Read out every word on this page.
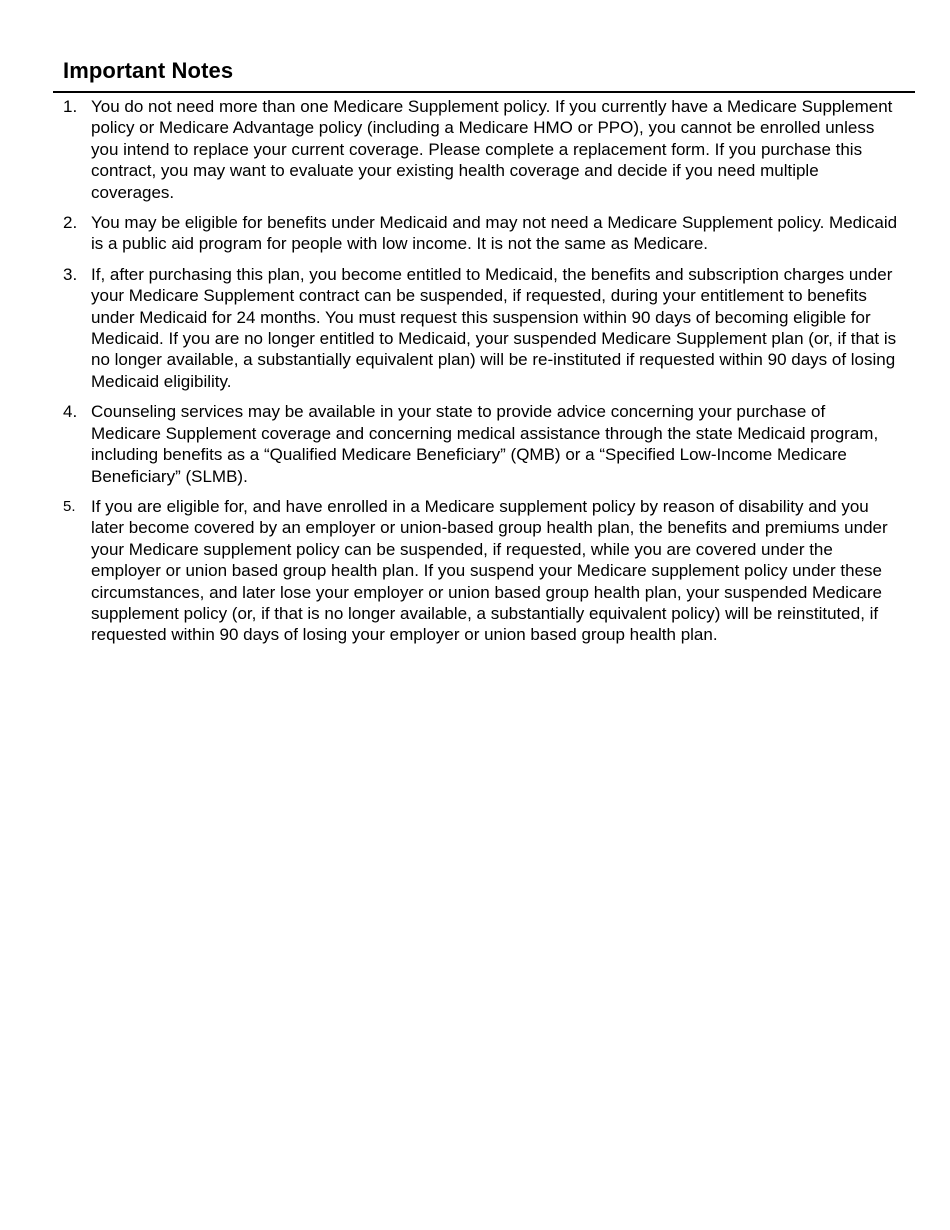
Important Notes
1. You do not need more than one Medicare Supplement policy. If you currently have a Medicare Supplement policy or Medicare Advantage policy (including a Medicare HMO or PPO), you cannot be enrolled unless you intend to replace your current coverage. Please complete a replacement form. If you purchase this contract, you may want to evaluate your existing health coverage and decide if you need multiple coverages.
2. You may be eligible for benefits under Medicaid and may not need a Medicare Supplement policy. Medicaid is a public aid program for people with low income. It is not the same as Medicare.
3. If, after purchasing this plan, you become entitled to Medicaid, the benefits and subscription charges under your Medicare Supplement contract can be suspended, if requested, during your entitlement to benefits under Medicaid for 24 months. You must request this suspension within 90 days of becoming eligible for Medicaid. If you are no longer entitled to Medicaid, your suspended Medicare Supplement plan (or, if that is no longer available, a substantially equivalent plan) will be re-instituted if requested within 90 days of losing Medicaid eligibility.
4. Counseling services may be available in your state to provide advice concerning your purchase of Medicare Supplement coverage and concerning medical assistance through the state Medicaid program, including benefits as a “Qualified Medicare Beneficiary” (QMB) or a “Specified Low-Income Medicare Beneficiary” (SLMB).
5. If you are eligible for, and have enrolled in a Medicare supplement policy by reason of disability and you later become covered by an employer or union-based group health plan, the benefits and premiums under your Medicare supplement policy can be suspended, if requested, while you are covered under the employer or union based group health plan. If you suspend your Medicare supplement policy under these circumstances, and later lose your employer or union based group health plan, your suspended Medicare supplement policy (or, if that is no longer available, a substantially equivalent policy) will be reinstituted, if requested within 90 days of losing your employer or union based group health plan.
